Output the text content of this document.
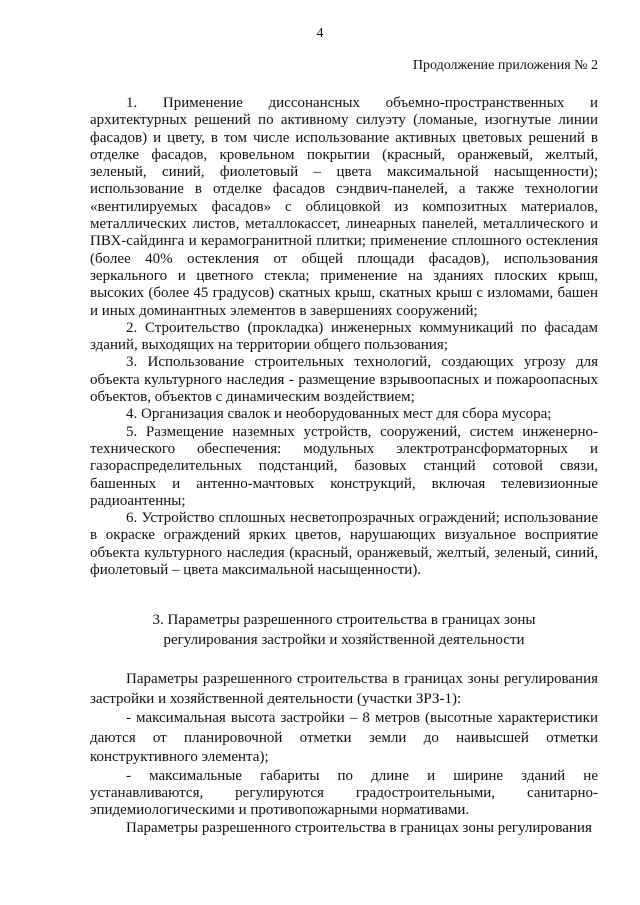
4
Продолжение приложения № 2

1. Применение диссонансных объемно-пространственных и архитектурных решений по активному силуэту (ломаные, изогнутые линии фасадов) и цвету, в том числе использование активных цветовых решений в отделке фасадов, кровельном покрытии (красный, оранжевый, желтый, зеленый, синий, фиолетовый – цвета максимальной насыщенности); использование в отделке фасадов сэндвич-панелей, а также технологии «вентилируемых фасадов» с облицовкой из композитных материалов, металлических листов, металлокассет, линеарных панелей, металлического и ПВХ-сайдинга и керамогранитной плитки; применение сплошного остекления (более 40% остекления от общей площади фасадов), использования зеркального и цветного стекла; применение на зданиях плоских крыш, высоких (более 45 градусов) скатных крыш, скатных крыш с изломами, башен и иных доминантных элементов в завершениях сооружений;

2. Строительство (прокладка) инженерных коммуникаций по фасадам зданий, выходящих на территории общего пользования;

3. Использование строительных технологий, создающих угрозу для объекта культурного наследия - размещение взрывоопасных и пожароопасных объектов, объектов с динамическим воздействием;

4. Организация свалок и необорудованных мест для сбора мусора;

5. Размещение наземных устройств, сооружений, систем инженерно-технического обеспечения: модульных электротрансформаторных и газораспределительных подстанций, базовых станций сотовой связи, башенных и антенно-мачтовых конструкций, включая телевизионные радиоантенны;

6. Устройство сплошных несветопрозрачных ограждений; использование в окраске ограждений ярких цветов, нарушающих визуальное восприятие объекта культурного наследия (красный, оранжевый, желтый, зеленый, синий, фиолетовый – цвета максимальной насыщенности).

3. Параметры разрешенного строительства в границах зоны
регулирования застройки и хозяйственной деятельности

Параметры разрешенного строительства в границах зоны регулирования застройки и хозяйственной деятельности (участки ЗРЗ-1):

- максимальная высота застройки – 8 метров (высотные характеристики даются от планировочной отметки земли до наивысшей отметки конструктивного элемента);

- максимальные габариты по длине и ширине зданий не устанавливаются, регулируются градостроительными, санитарно-эпидемиологическими и противопожарными нормативами.

Параметры разрешенного строительства в границах зоны регулирования
